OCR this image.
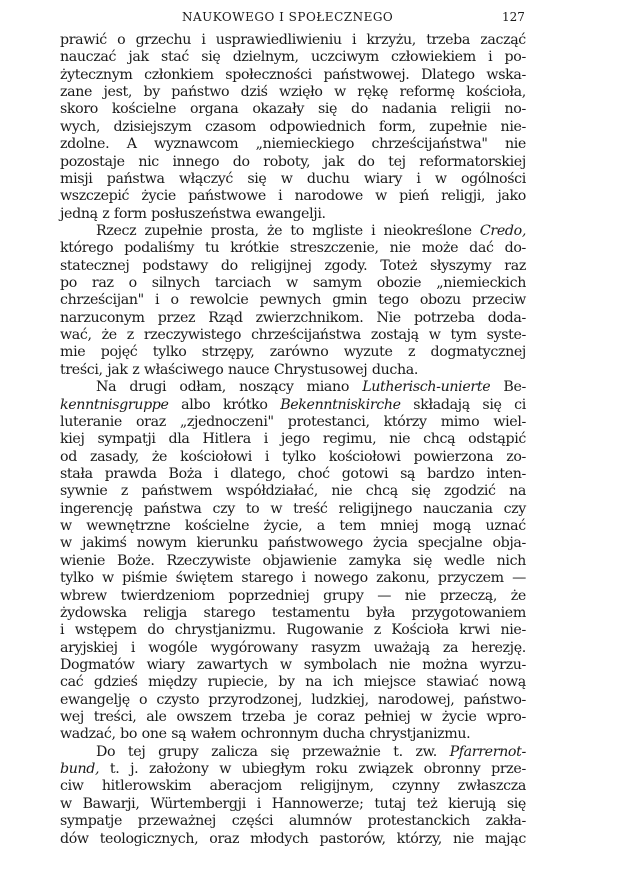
NAUKOWEGO I SPOŁECZNEGO	127
prawić o grzechu i usprawiedliwieniu i krzyżu, trzeba zacząć
nauczać jak stać się dzielnym, uczciwym człowiekiem i po-
żytecznym członkiem społeczności państwowej. Dlatego wska-
zane jest, by państwo dziś wzięło w rękę reformę kościoła,
skoro kościelne organa okazały się do nadania religii no-
wych, dzisiejszym czasom odpowiednich form, zupełnie nie-
zdolne. A wyznawcom „niemieckiego chrześcijaństwa" nie
pozostaje nic innego do roboty, jak do tej reformatorskiej
misji państwa włączyć się w duchu wiary i w ogólności
wszczepić życie państwowe i narodowe w pień religji, jako
jedną z form posłuszeństwa ewangelji.
Rzecz zupełnie prosta, że to mgliste i nieokreślone Credo,
którego podaliśmy tu krótkie streszczenie, nie może dać do-
statecznej podstawy do religijnej zgody. Toteż słyszymy raz
po raz o silnych tarciach w samym obozie „niemieckich
chrześcijan" i o rewolcie pewnych gmin tego obozu przeciw
narzuconym przez Rząd zwierzchnikom. Nie potrzeba doda-
wać, że z rzeczywistego chrześcijaństwa zostają w tym syste-
mie pojęć tylko strzępy, zarówno wyzute z dogmatycznej
treści, jak z właściwego nauce Chrystusowej ducha.
Na drugi odłam, noszący miano Lutherisch-unierte Be-
kenntnisgruppe albo krótko Bekenntniskirche składają się ci
luteranie oraz „zjednoczeni" protestanci, którzy mimo wiel-
kiej sympatji dla Hitlera i jego regimu, nie chcą odstąpić
od zasady, że kościołowi i tylko kościołowi powierzona zo-
stała prawda Boża i dlatego, choć gotowi są bardzo inten-
sywnie z państwem współdziałać, nie chcą się zgodzić na
ingerencję państwa czy to w treść religijnego nauczania czy
w wewnętrzne kościelne życie, a tem mniej mogą uznać
w jakimś nowym kierunku państwowego życia specjalne obja-
wienie Boże. Rzeczywiste objawienie zamyka się wedle nich
tylko w piśmie świętem starego i nowego zakonu, przyczem —
wbrew twierdzeniom poprzedniej grupy — nie przeczą, że
żydowska religja starego testamentu była przygotowaniem
i wstępem do chrystjanizmu. Rugowanie z Kościoła krwi nie-
aryjskiej i wogóle wygórowany rasyzm uważają za herezję.
Dogmatów wiary zawartych w symbolach nie można wyrzu-
cać gdzieś między rupiecie, by na ich miejsce stawiać nową
ewangelję o czysto przyrodzonej, ludzkiej, narodowej, państwo-
wej treści, ale owszem trzeba je coraz pełniej w życie wpro-
wadzać, bo one są wałem ochronnym ducha chrystjanizmu.
Do tej grupy zalicza się przeważnie t. zw. Pfarrernot-
bund, t. j. założony w ubiegłym roku związek obronny prze-
ciw hitlerowskim aberacjom religijnym, czynny zwłaszcza
w Bawarji, Würtembergji i Hannowerze; tutaj też kierują się
sympatje przeważnej części alumnów protestanckich zakła-
dów teologicznych, oraz młodych pastorów, którzy, nie mając
